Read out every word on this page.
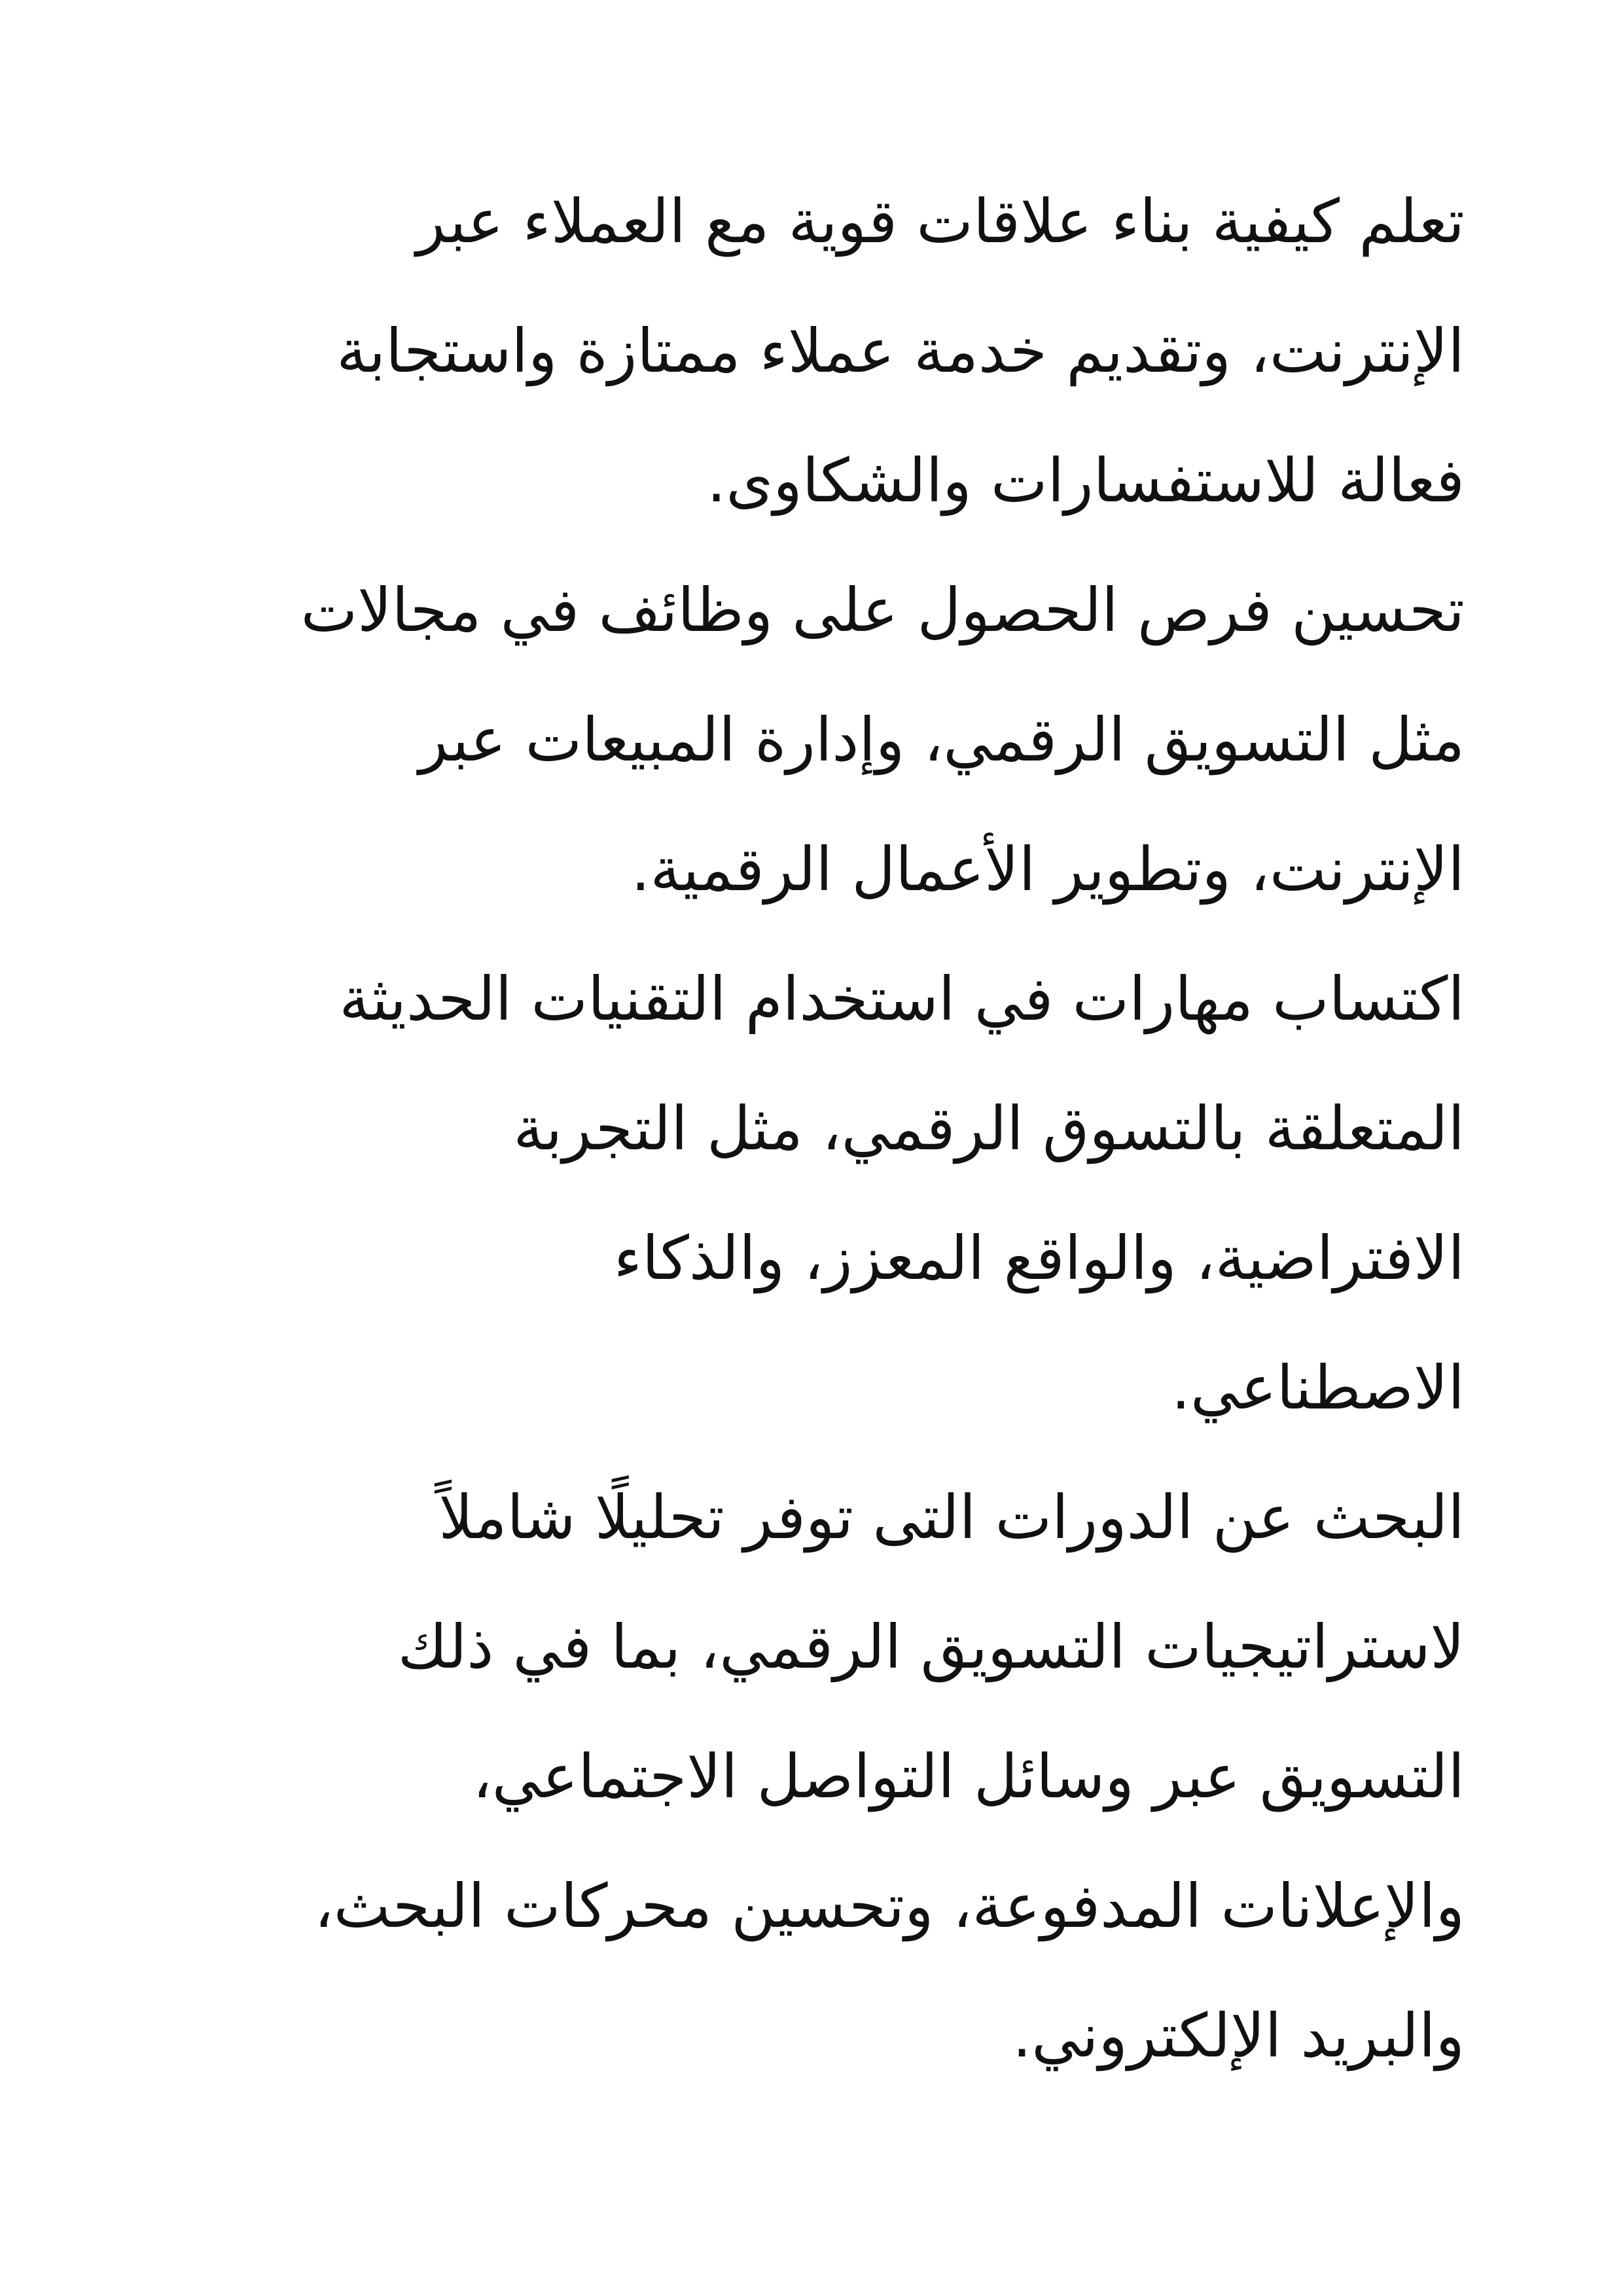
تعلم كيفية بناء علاقات قوية مع العملاء عبر
الإنترنت، وتقديم خدمة عملاء ممتازة واستجابة
فعالة للاستفسارات والشكاوى.
تحسين فرص الحصول على وظائف في مجالات
مثل التسويق الرقمي، وإدارة المبيعات عبر
الإنترنت، وتطوير الأعمال الرقمية.
اكتساب مهارات في استخدام التقنيات الحديثة
المتعلقة بالتسوق الرقمي، مثل التجربة
الافتراضية، والواقع المعزز، والذكاء
الاصطناعي.
البحث عن الدورات التى توفر تحليلًا شاملاً
لاستراتيجيات التسويق الرقمي، بما في ذلك
التسويق عبر وسائل التواصل الاجتماعي،
والإعلانات المدفوعة، وتحسين محركات البحث،
والبريد الإلكتروني.
